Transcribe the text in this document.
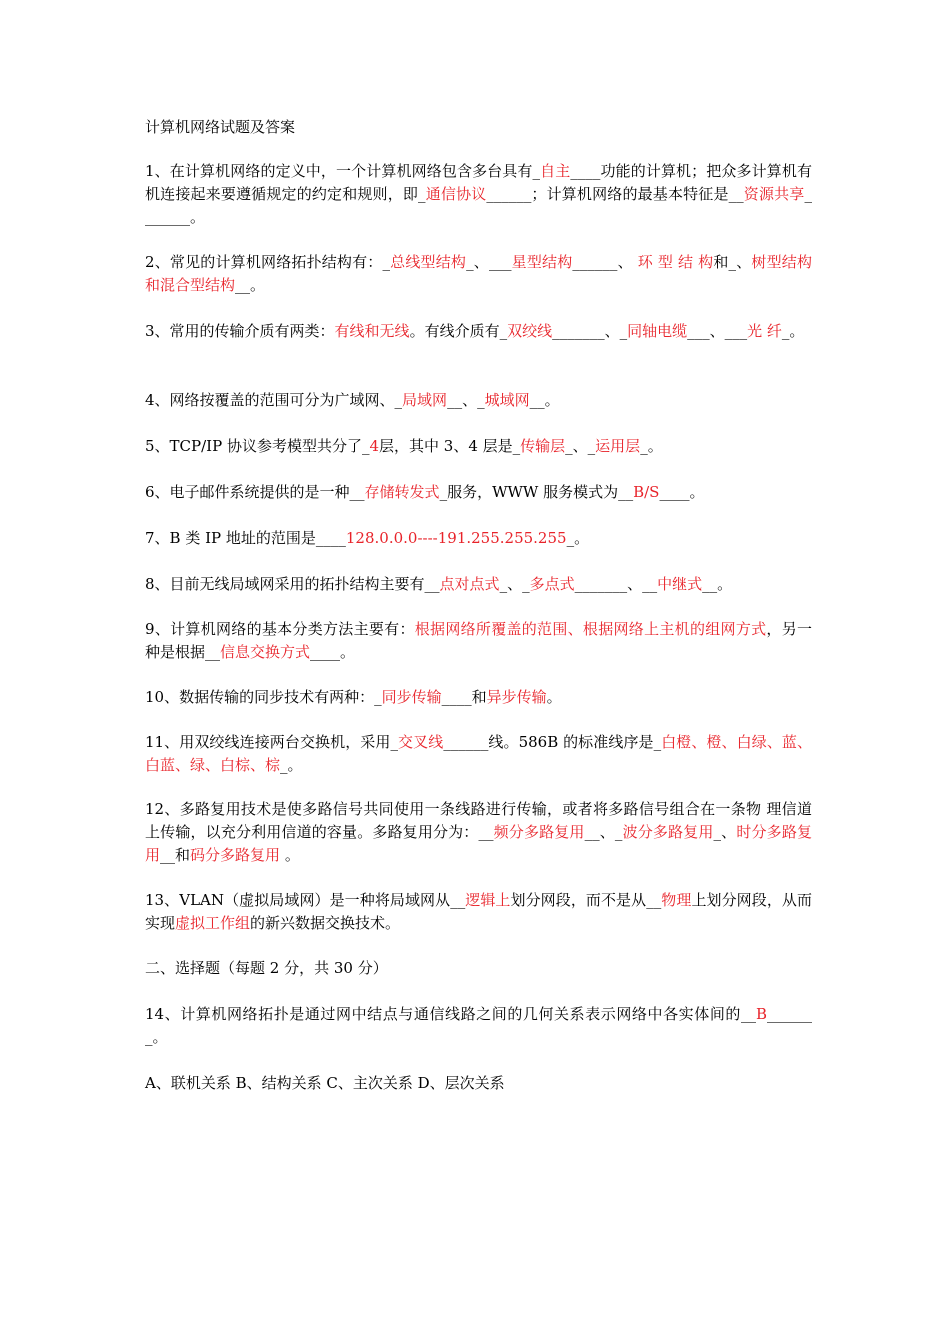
计算机网络试题及答案

1、在计算机网络的定义中，一个计算机网络包含多台具有_自主____功能的计算机；把众多计算机有机连接起来要遵循规定的约定和规则，即_通信协议______；计算机网络的最基本特征是__资源共享_______。

2、常见的计算机网络拓扑结构有：_总线型结构_、___星型结构______、 环 型 结 构和_、树型结构和混合型结构__。

3、常用的传输介质有两类：有线和无线。有线介质有_双绞线_______、_同轴电缆___、___光 纤_。

4、网络按覆盖的范围可分为广域网、_局域网__、_城域网__。

5、TCP/IP 协议参考模型共分了_4层，其中 3、4 层是_传输层_、_运用层_。

6、电子邮件系统提供的是一种__存储转发式_服务，WWW 服务模式为__B/S____。

7、B 类 IP 地址的范围是____128.0.0.0----191.255.255.255_。

8、目前无线局域网采用的拓扑结构主要有__点对点式_、_多点式_______、__中继式__。

9、计算机网络的基本分类方法主要有：根据网络所覆盖的范围、根据网络上主机的组网方式，另一种是根据__信息交换方式____。

10、数据传输的同步技术有两种：_同步传输____和异步传输。

11、用双绞线连接两台交换机，采用_交叉线______线。586B 的标准线序是_白橙、橙、白绿、蓝、白蓝、绿、白棕、棕_。

12、多路复用技术是使多路信号共同使用一条线路进行传输，或者将多路信号组合在一条物 理信道上传输，以充分利用信道的容量。多路复用分为：__频分多路复用__、_波分多路复用_、时分多路复用__和码分多路复用 。

13、VLAN（虚拟局域网）是一种将局域网从__逻辑上划分网段，而不是从__物理上划分网段，从而实现虚拟工作组的新兴数据交换技术。

二、选择题（每题 2 分，共 30 分）

14、计算机网络拓扑是通过网中结点与通信线路之间的几何关系表示网络中各实体间的__B_______。

A、联机关系 B、结构关系 C、主次关系 D、层次关系
